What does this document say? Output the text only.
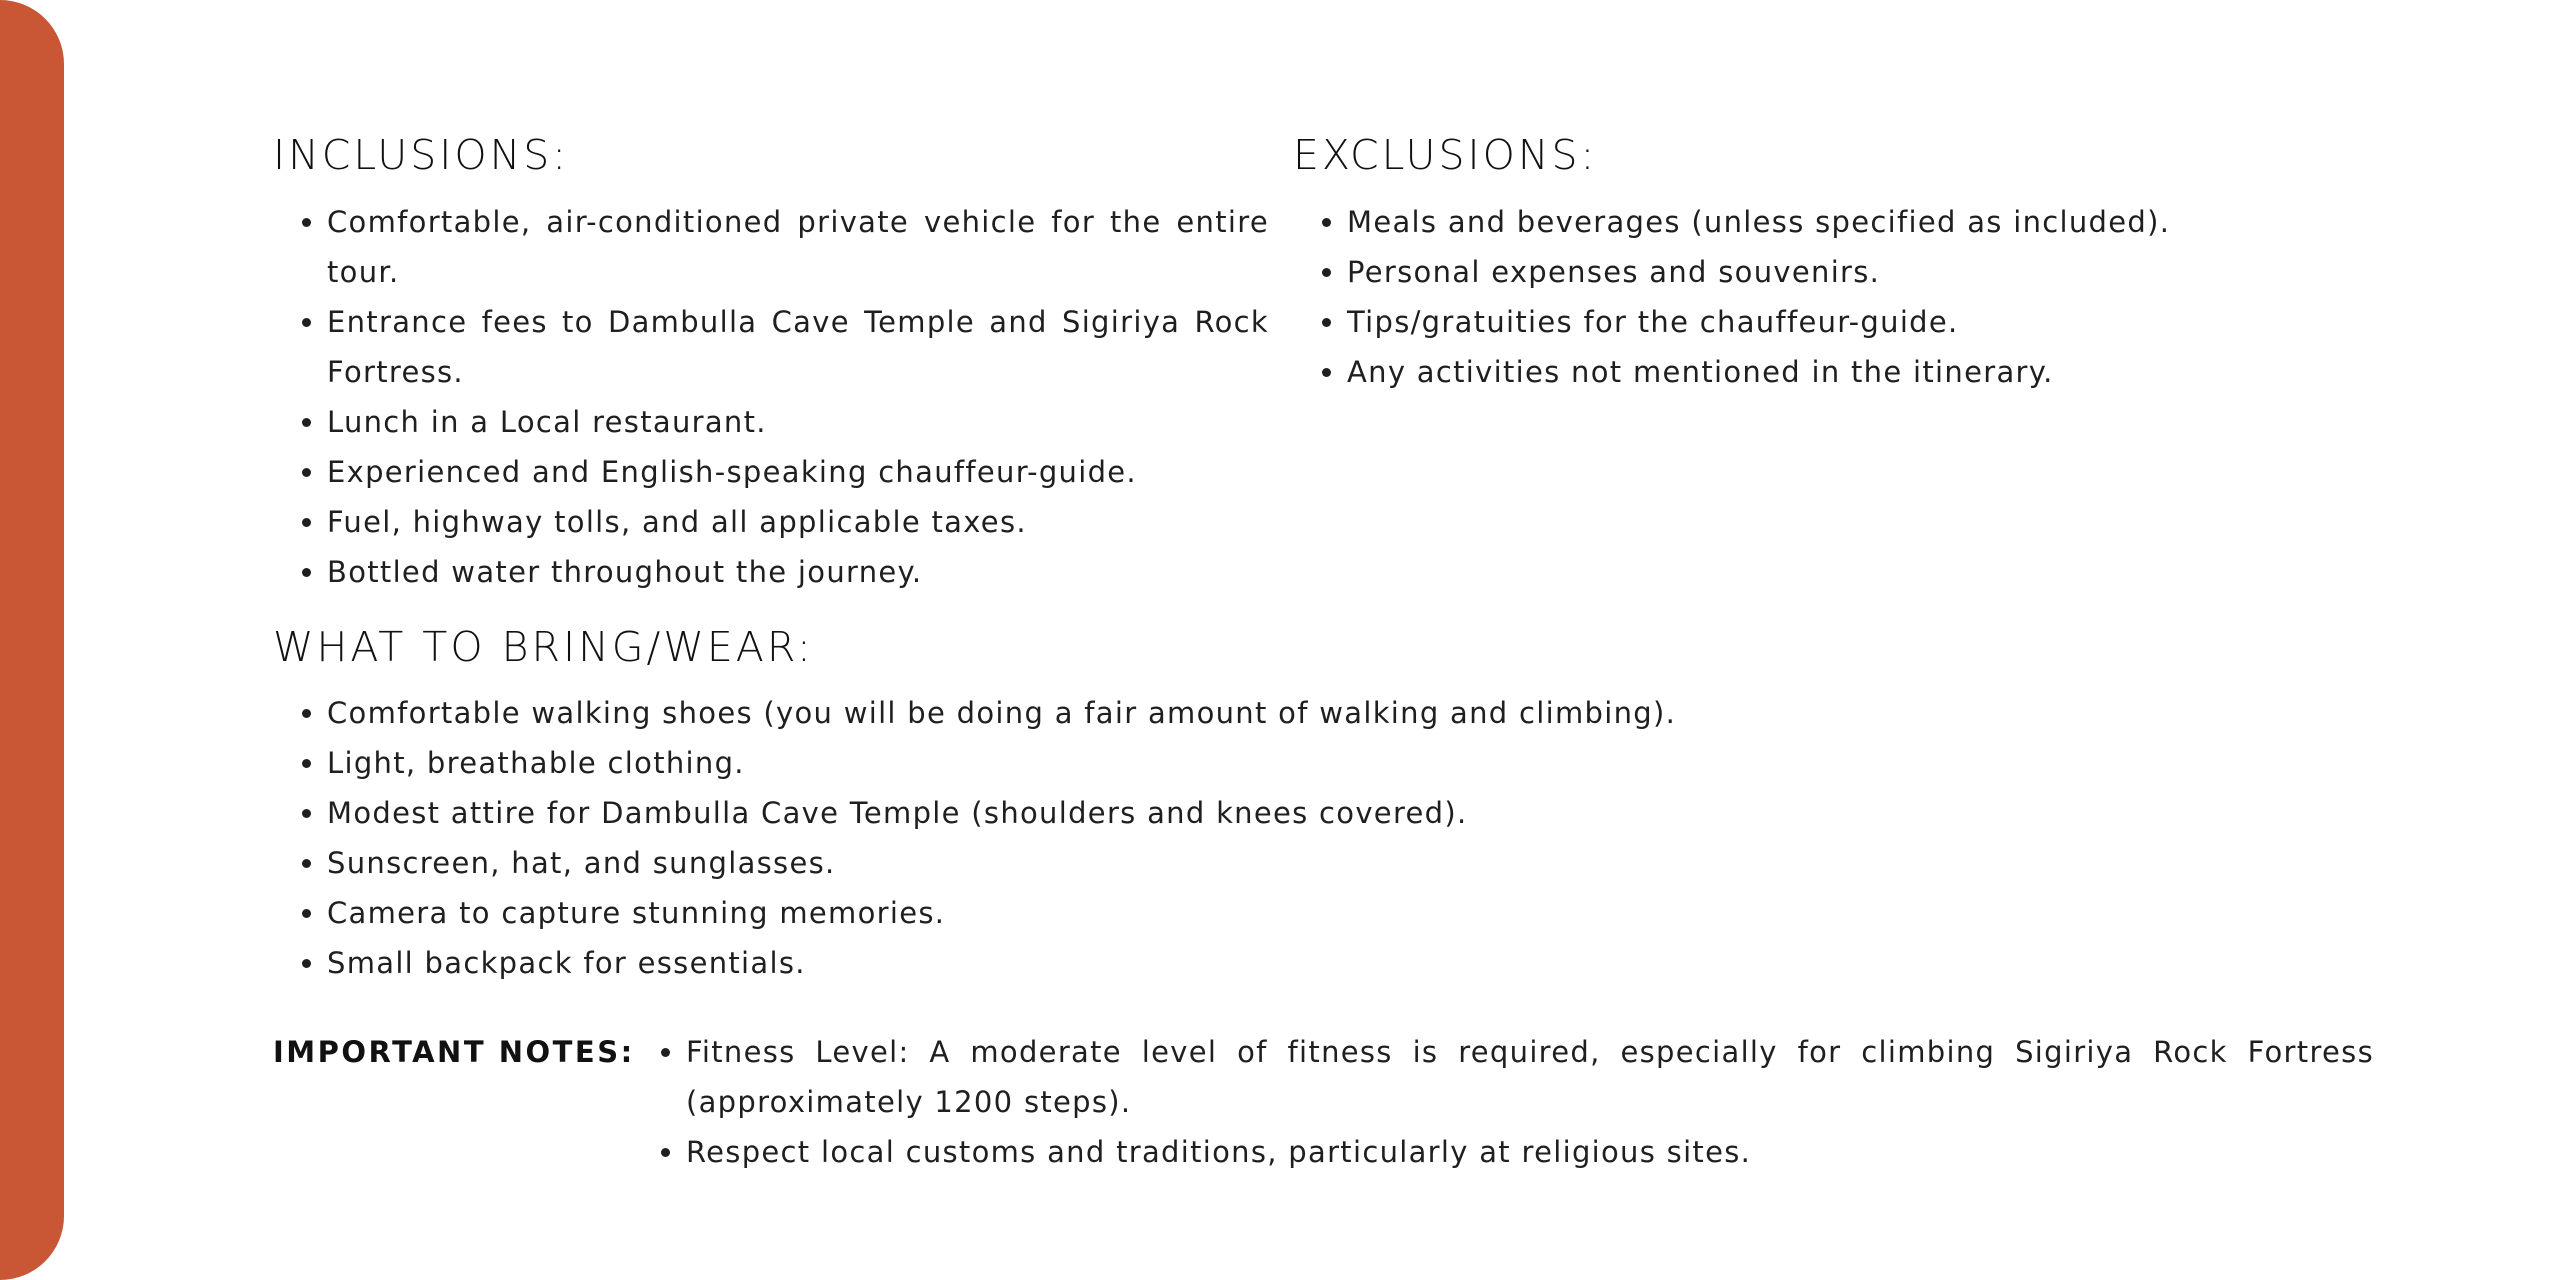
INCLUSIONS:
• Comfortable, air-conditioned private vehicle for the entire tour.
• Entrance fees to Dambulla Cave Temple and Sigiriya Rock Fortress.
• Lunch in a Local restaurant.
• Experienced and English-speaking chauffeur-guide.
• Fuel, highway tolls, and all applicable taxes.
• Bottled water throughout the journey.
EXCLUSIONS:
• Meals and beverages (unless specified as included).
• Personal expenses and souvenirs.
• Tips/gratuities for the chauffeur-guide.
• Any activities not mentioned in the itinerary.
WHAT TO BRING/WEAR:
• Comfortable walking shoes (you will be doing a fair amount of walking and climbing).
• Light, breathable clothing.
• Modest attire for Dambulla Cave Temple (shoulders and knees covered).
• Sunscreen, hat, and sunglasses.
• Camera to capture stunning memories.
• Small backpack for essentials.
IMPORTANT NOTES:
• Fitness Level: A moderate level of fitness is required, especially for climbing Sigiriya Rock Fortress (approximately 1200 steps).
• Respect local customs and traditions, particularly at religious sites.
